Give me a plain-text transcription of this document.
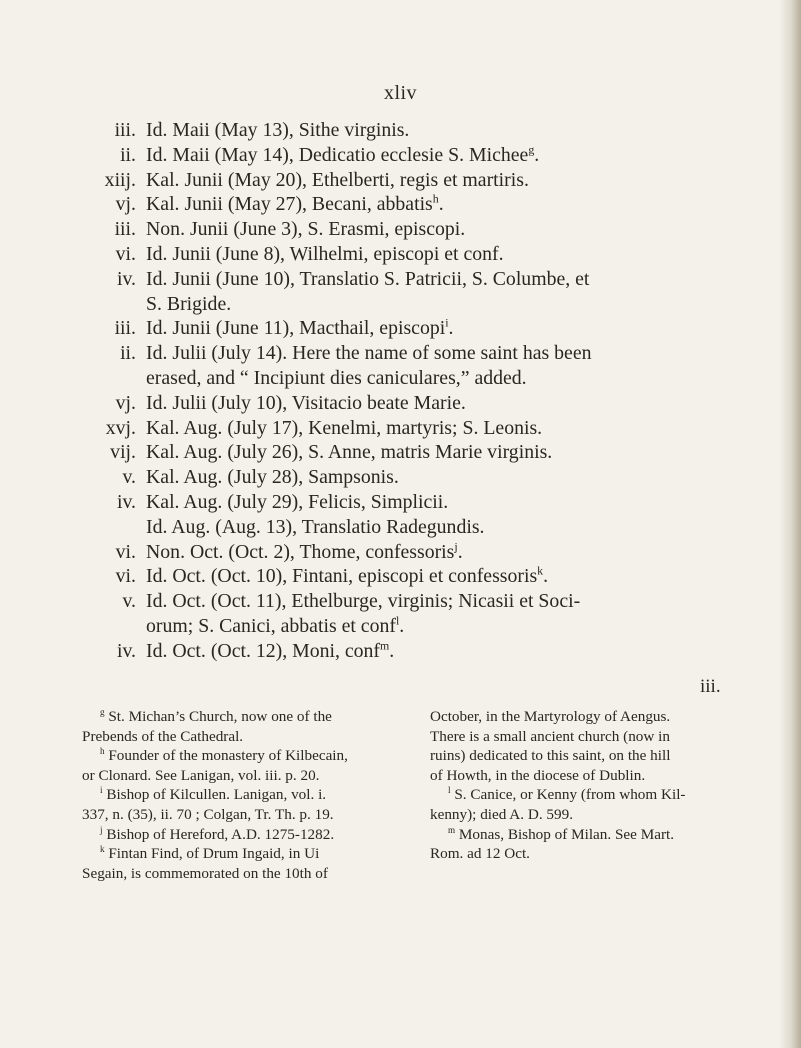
xliv
iii. Id. Maii (May 13), Sithe virginis.
ii. Id. Maii (May 14), Dedicatio ecclesie S. Michee$^g$.
xiij. Kal. Junii (May 20), Ethelberti, regis et martiris.
vj. Kal. Junii (May 27), Becani, abbatis$^h$.
iii. Non. Junii (June 3), S. Erasmi, episcopi.
vi. Id. Junii (June 8), Wilhelmi, episcopi et conf.
iv. Id. Junii (June 10), Translatio S. Patricii, S. Columbe, et
S. Brigide.
iii. Id. Junii (June 11), Macthail, episcopi$^i$.
ii. Id. Julii (July 14). Here the name of some saint has been
erased, and “ Incipiunt dies caniculares,” added.
vj. Id. Julii (July 10), Visitacio beate Marie.
xvj. Kal. Aug. (July 17), Kenelmi, martyris; S. Leonis.
vij. Kal. Aug. (July 26), S. Anne, matris Marie virginis.
v. Kal. Aug. (July 28), Sampsonis.
iv. Kal. Aug. (July 29), Felicis, Simplicii.
Id. Aug. (Aug. 13), Translatio Radegundis.
vi. Non. Oct. (Oct. 2), Thome, confessoris$^j$.
vi. Id. Oct. (Oct. 10), Fintani, episcopi et confessoris$^k$.
v. Id. Oct. (Oct. 11), Ethelburge, virginis; Nicasii et Soci-
orum; S. Canici, abbatis et conf$^l$.
iv. Id. Oct. (Oct. 12), Moni, conf$^m$.
iii.
$^g$ St. Michan’s Church, now one of the
Prebends of the Cathedral.
$^h$ Founder of the monastery of Kilbecain,
or Clonard. See Lanigan, vol. iii. p. 20.
$^i$ Bishop of Kilcullen. Lanigan, vol. i.
337, n. (35), ii. 70 ; Colgan, Tr. Th. p. 19.
$^j$ Bishop of Hereford, A.D. 1275-1282.
$^k$ Fintan Find, of Drum Ingaid, in Ui
Segain, is commemorated on the 10th of
October, in the Martyrology of Aengus.
There is a small ancient church (now in
ruins) dedicated to this saint, on the hill
of Howth, in the diocese of Dublin.
$^l$ S. Canice, or Kenny (from whom Kil-
kenny); died A. D. 599.
$^m$ Monas, Bishop of Milan. See Mart.
Rom. ad 12 Oct.
